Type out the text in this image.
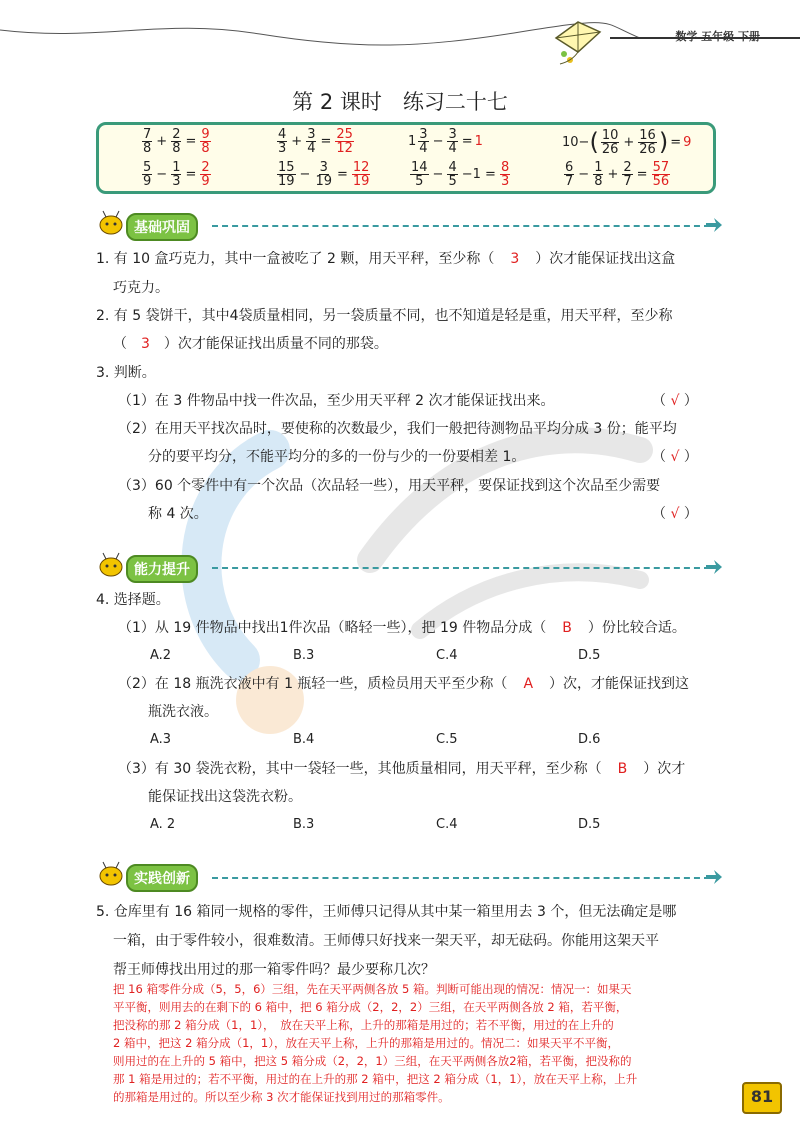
数学 五年级 下册
第 2 课时　练习二十七
$\frac{7}{8} + \frac{2}{8} = \frac{9}{8}$	$\frac{4}{3} + \frac{3}{4} = \frac{25}{12}$	$1 \frac{3}{4} - \frac{3}{4} = 1$	10− ( $\frac{10}{26} + \frac{16}{26}$ ) = 9
$\frac{5}{9} - \frac{1}{3} = \frac{2}{9}$	$\frac{15}{19} - \frac{3}{19} = \frac{12}{19}$	$\frac{14}{5} - \frac{4}{5} -1 = \frac{8}{3}$	$\frac{6}{7} - \frac{1}{8} + \frac{2}{7} = \frac{57}{56}$
基础巩固
1. 有 10 盒巧克力，其中一盒被吃了 2 颗，用天平秤，至少称（ 3 ）次才能保证找出这盒
巧克力。
2. 有 5 袋饼干，其中4袋质量相同，另一袋质量不同，也不知道是轻是重，用天平秤，至少称
（ 3 ）次才能保证找出质量不同的那袋。
3. 判断。
（1）在 3 件物品中找一件次品，至少用天平秤 2 次才能保证找出来。	（ √ ）
（2）在用天平找次品时，要使称的次数最少，我们一般把待测物品平均分成 3 份；能平均
分的要平均分，不能平均分的多的一份与少的一份要相差 1。	（ √ ）
（3）60 个零件中有一个次品（次品轻一些），用天平秤，要保证找到这个次品至少需要
称 4 次。	（ √ ）
能力提升
4. 选择题。
（1）从 19 件物品中找出1件次品（略轻一些），把 19 件物品分成（ B ）份比较合适。
A.2	B.3	C.4	D.5
（2）在 18 瓶洗衣液中有 1 瓶轻一些，质检员用天平至少称（ A ）次，才能保证找到这
瓶洗衣液。
A.3	B.4	C.5	D.6
（3）有 30 袋洗衣粉，其中一袋轻一些，其他质量相同，用天平秤，至少称（ B ）次才
能保证找出这袋洗衣粉。
A. 2	B.3	C.4	D.5
实践创新
5. 仓库里有 16 箱同一规格的零件，王师傅只记得从其中某一箱里用去 3 个，但无法确定是哪
一箱，由于零件较小，很难数清。王师傅只好找来一架天平，却无砝码。你能用这架天平
帮王师傅找出用过的那一箱零件吗？最少要称几次？
把 16 箱零件分成（5，5，6）三组，先在天平两侧各放 5 箱。判断可能出现的情况：情况一：如果天
平平衡，则用去的在剩下的 6 箱中，把 6 箱分成（2，2，2）三组，在天平两侧各放 2 箱，若平衡，
把没称的那 2 箱分成（1，1），　放在天平上称，上升的那箱是用过的；若不平衡，用过的在上升的
2 箱中，把这 2 箱分成（1，1），放在天平上称，上升的那箱是用过的。情况二：如果天平不平衡，
则用过的在上升的 5 箱中，把这 5 箱分成（2，2，1）三组，在天平两侧各放2箱，若平衡，把没称的
那 1 箱是用过的；若不平衡，用过的在上升的那 2 箱中，把这 2 箱分成（1，1），放在天平上称，上升
的那箱是用过的。所以至少称 3 次才能保证找到用过的那箱零件。	81
